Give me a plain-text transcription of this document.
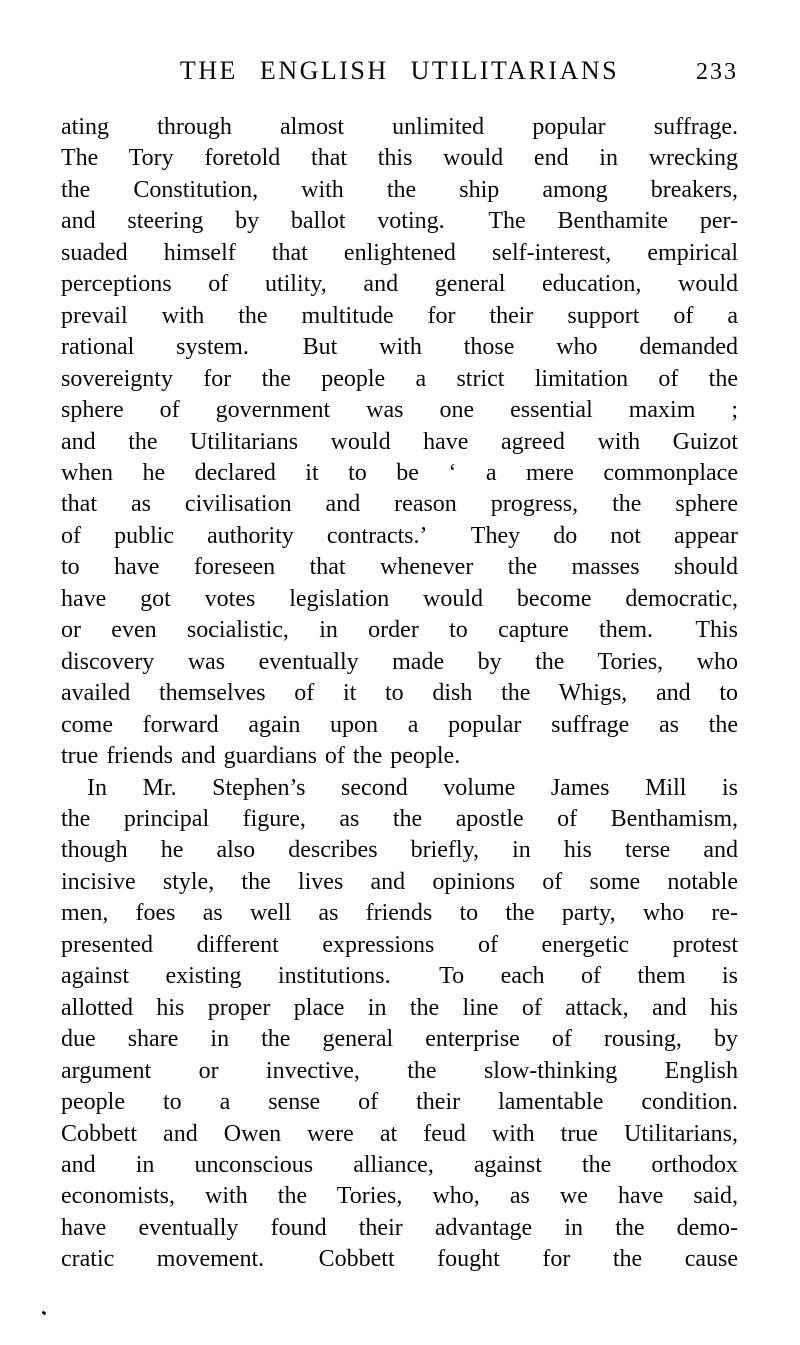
THE ENGLISH UTILITARIANS	233
ating through almost unlimited popular suffrage.
The Tory foretold that this would end in wrecking
the Constitution, with the ship among breakers,
and steering by ballot voting.  The Benthamite per-
suaded himself that enlightened self-interest, empirical
perceptions of utility, and general education, would
prevail with the multitude for their support of a
rational system.  But with those who demanded
sovereignty for the people a strict limitation of the
sphere of government was one essential maxim ;
and the Utilitarians would have agreed with Guizot
when he declared it to be ‘ a mere commonplace
that as civilisation and reason progress, the sphere
of public authority contracts.’  They do not appear
to have foreseen that whenever the masses should
have got votes legislation would become democratic,
or even socialistic, in order to capture them.  This
discovery was eventually made by the Tories, who
availed themselves of it to dish the Whigs, and to
come forward again upon a popular suffrage as the
true friends and guardians of the people.
In Mr. Stephen’s second volume James Mill is
the principal figure, as the apostle of Benthamism,
though he also describes briefly, in his terse and
incisive style, the lives and opinions of some notable
men, foes as well as friends to the party, who re-
presented different expressions of energetic protest
against existing institutions.  To each of them is
allotted his proper place in the line of attack, and his
due share in the general enterprise of rousing, by
argument or invective, the slow-thinking English
people to a sense of their lamentable condition.
Cobbett and Owen were at feud with true Utilitarians,
and in unconscious alliance, against the orthodox
economists, with the Tories, who, as we have said,
have eventually found their advantage in the demo-
cratic movement.  Cobbett fought for the cause
